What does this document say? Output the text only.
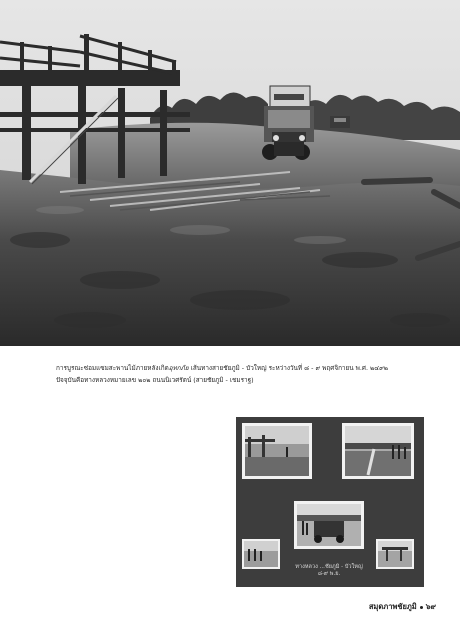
การบูรณะซ่อมแซมสะพานไม้ภายหลังเกิดอุทกภัย เส้นทางสายชัยภูมิ - บัวใหญ่ ระหว่างวันที่ ๘ - ๙ พฤศจิกายน พ.ศ. ๒๔๙๒

ปัจจุบันคือทางหลวงหมายเลข ๒๐๒ ถนนนิเวศรัตน์ (สายชัยภูมิ - เชมราฐ)

ทางหลวง ...ชัยภูมิ - บัวใหญ่
๘-๙ พ.ย.
สมุดภาพชัยภูมิ ๖๙
